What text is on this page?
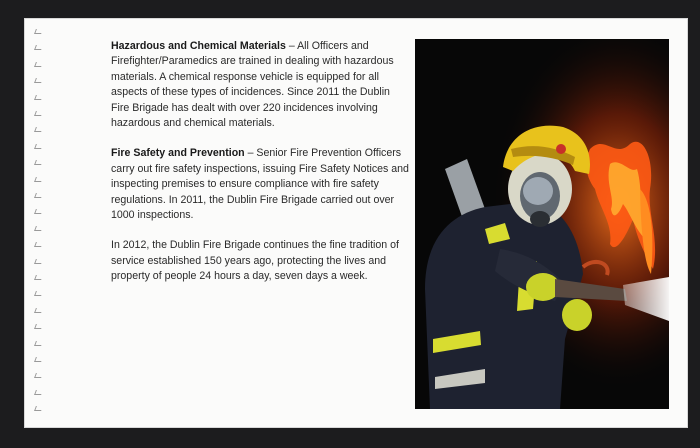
Hazardous and Chemical Materials – All Officers and Firefighter/Paramedics are trained in dealing with hazardous materials. A chemical response vehicle is equipped for all aspects of these types of incidences. Since 2011 the Dublin Fire Brigade has dealt with over 220 incidences involving hazardous and chemical materials.

Fire Safety and Prevention – Senior Fire Prevention Officers carry out fire safety inspections, issuing Fire Safety Notices and inspecting premises to ensure compliance with fire safety regulations. In 2011, the Dublin Fire Brigade carried out over 1000 inspections.

In 2012, the Dublin Fire Brigade continues the fine tradition of service established 150 years ago, protecting the lives and property of people 24 hours a day, seven days a week.
